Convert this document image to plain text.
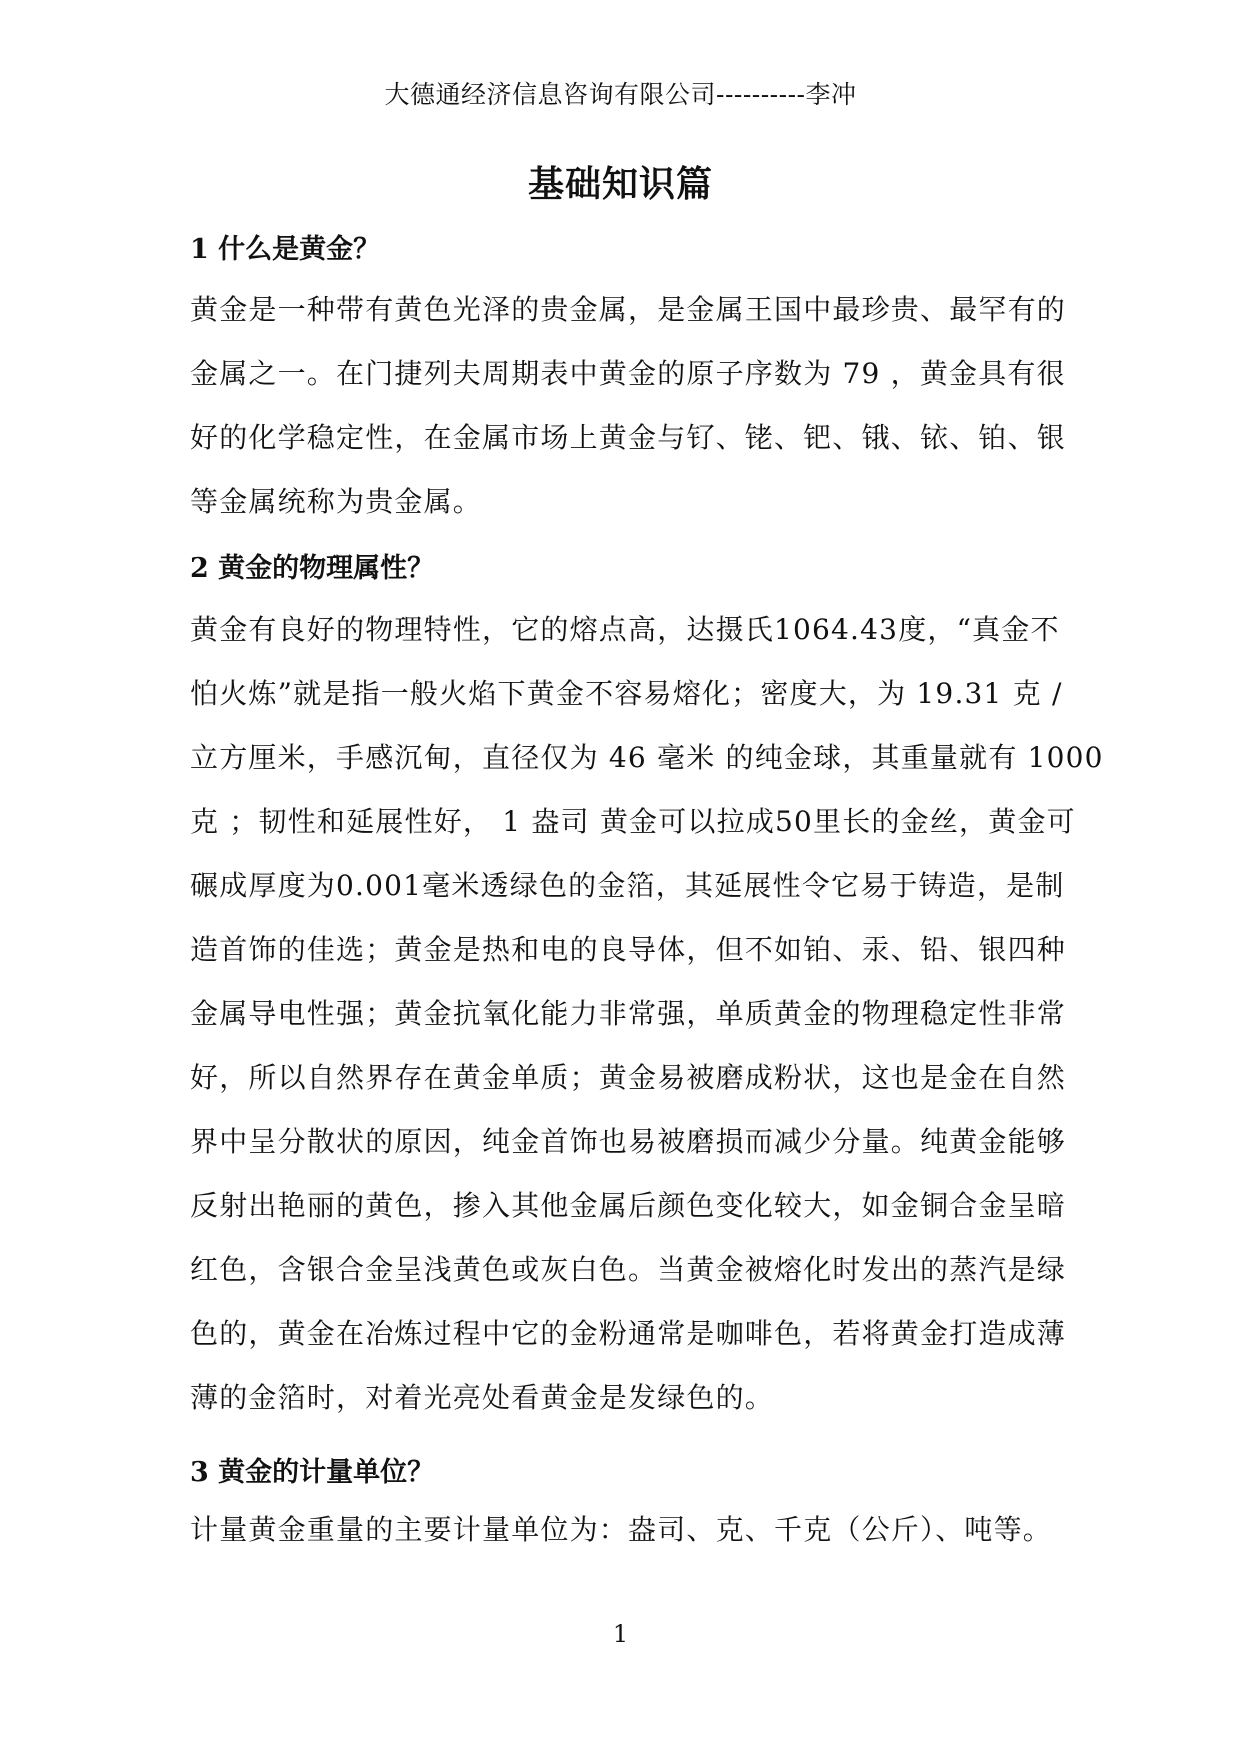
大德通经济信息咨询有限公司----------李冲
基础知识篇
1 什么是黄金？
黄金是一种带有黄色光泽的贵金属，是金属王国中最珍贵、最罕有的
金属之一。在门捷列夫周期表中黄金的原子序数为 79 ，黄金具有很
好的化学稳定性，在金属市场上黄金与钌、铑、钯、锇、铱、铂、银
等金属统称为贵金属。
2 黄金的物理属性？
黄金有良好的物理特性，它的熔点高，达摄氏1064.43度，“真金不
怕火炼”就是指一般火焰下黄金不容易熔化；密度大，为 19.31 克 /
立方厘米，手感沉甸，直径仅为 46 毫米 的纯金球，其重量就有 1000
克 ；韧性和延展性好， 1 盎司 黄金可以拉成50里长的金丝，黄金可
碾成厚度为0.001毫米透绿色的金箔，其延展性令它易于铸造，是制
造首饰的佳选；黄金是热和电的良导体，但不如铂、汞、铅、银四种
金属导电性强；黄金抗氧化能力非常强，单质黄金的物理稳定性非常
好，所以自然界存在黄金单质；黄金易被磨成粉状，这也是金在自然
界中呈分散状的原因，纯金首饰也易被磨损而减少分量。纯黄金能够
反射出艳丽的黄色，掺入其他金属后颜色变化较大，如金铜合金呈暗
红色，含银合金呈浅黄色或灰白色。当黄金被熔化时发出的蒸汽是绿
色的，黄金在冶炼过程中它的金粉通常是咖啡色，若将黄金打造成薄
薄的金箔时，对着光亮处看黄金是发绿色的。
3 黄金的计量单位？
计量黄金重量的主要计量单位为：盎司、克、千克（公斤）、吨等。
1
